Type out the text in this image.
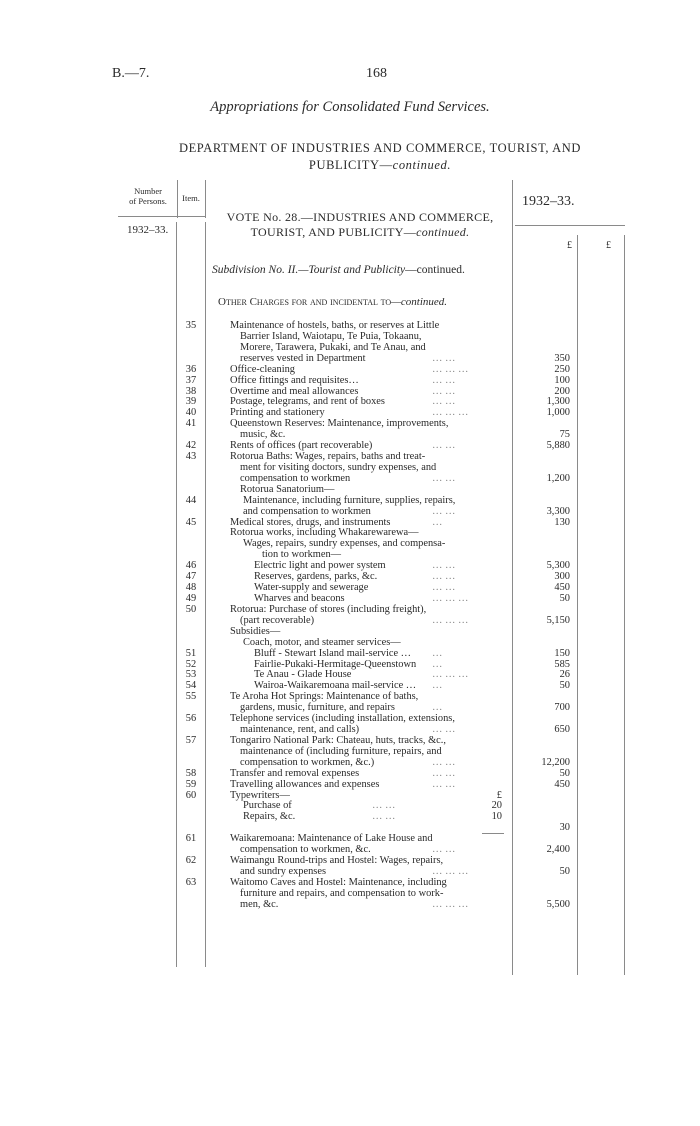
B.—7.	168
Appropriations for Consolidated Fund Services.
DEPARTMENT OF INDUSTRIES AND COMMERCE, TOURIST, AND
PUBLICITY—continued.
Number
of Persons.	Item.
1932–33.
1932–33.
£	£
VOTE No. 28.—INDUSTRIES AND COMMERCE,
TOURIST, AND PUBLICITY—continued.
Subdivision No. II.—Tourist and Publicity—continued.
Other Charges for and incidental to—continued.
35	Maintenance of hostels, baths, or reserves at Little
Barrier Island, Waiotapu, Te Puia, Tokaanu,
Morere, Tarawera, Pukaki, and Te Anau, and
reserves vested in Department	… …	350
36	Office-cleaning	… … …	250
37	Office fittings and requisites…	… …	100
38	Overtime and meal allowances	… …	200
39	Postage, telegrams, and rent of boxes	… …	1,300
40	Printing and stationery	… … …	1,000
41	Queenstown Reserves: Maintenance, improvements,
music, &c.	75
42	Rents of offices (part recoverable)	… …	5,880
43	Rotorua Baths: Wages, repairs, baths and treat-
ment for visiting doctors, sundry expenses, and
compensation to workmen	… …	1,200
Rotorua Sanatorium—
44	Maintenance, including furniture, supplies, repairs,
and compensation to workmen	… …	3,300
45	Medical stores, drugs, and instruments	…	130
Rotorua works, including Whakarewarewa—
Wages, repairs, sundry expenses, and compensa-
tion to workmen—
46	Electric light and power system	… …	5,300
47	Reserves, gardens, parks, &c.	… …	300
48	Water-supply and sewerage	… …	450
49	Wharves and beacons	… … …	50
50	Rotorua: Purchase of stores (including freight),
(part recoverable)	… … …	5,150
Subsidies—
Coach, motor, and steamer services—
51	Bluff - Stewart Island mail-service … …	150
52	Fairlie-Pukaki-Hermitage-Queenstown …	585
53	Te Anau - Glade House	… … …	26
54	Wairoa-Waikaremoana mail-service … …	50
55	Te Aroha Hot Springs: Maintenance of baths,
gardens, music, furniture, and repairs	…	700
56	Telephone services (including installation, extensions,
maintenance, rent, and calls)	… …	650
57	Tongariro National Park: Chateau, huts, tracks, &c.,
maintenance of (including furniture, repairs, and
compensation to workmen, &c.)	… …	12,200
58	Transfer and removal expenses	… …	50
59	Travelling allowances and expenses	… …	450
60	Typewriters—	£
Purchase of	… …	20
Repairs, &c.	… …	10
30
61	Waikaremoana: Maintenance of Lake House and
compensation to workmen, &c.	… …	2,400
62	Waimangu Round-trips and Hostel: Wages, repairs,
and sundry expenses	… … …	50
63	Waitomo Caves and Hostel: Maintenance, including
furniture and repairs, and compensation to work-
men, &c.	… … …	5,500
